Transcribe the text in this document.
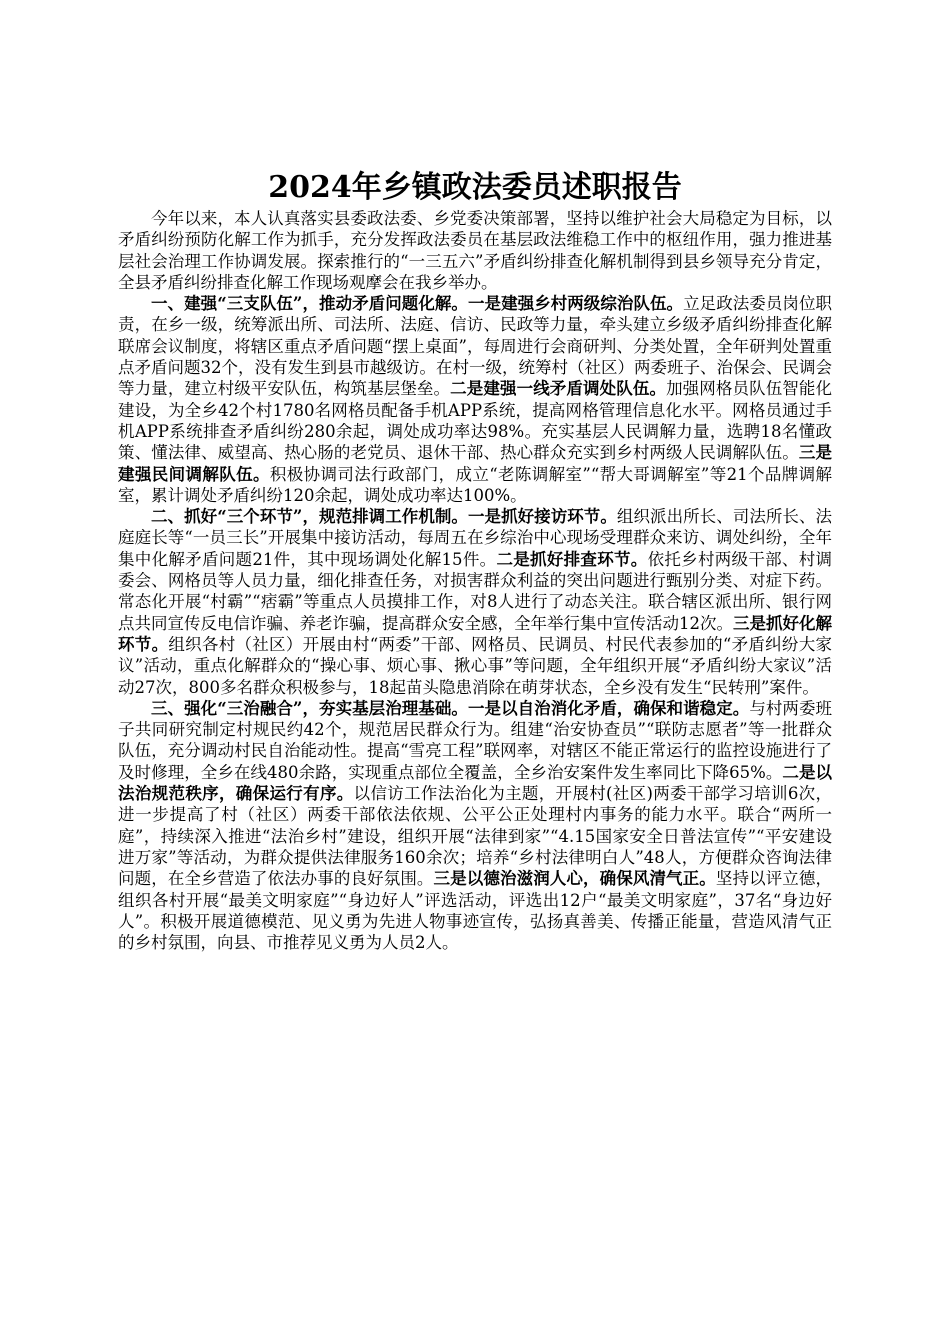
2024年乡镇政法委员述职报告

今年以来，本人认真落实县委政法委、乡党委决策部署，坚持以维护社会大局稳定为目标，以矛盾纠纷预防化解工作为抓手，充分发挥政法委员在基层政法维稳工作中的枢纽作用，强力推进基层社会治理工作协调发展。探索推行的“一三五六”矛盾纠纷排查化解机制得到县乡领导充分肯定，全县矛盾纠纷排查化解工作现场观摩会在我乡举办。

一、建强“三支队伍”，推动矛盾问题化解。一是建强乡村两级综治队伍。立足政法委员岗位职责，在乡一级，统筹派出所、司法所、法庭、信访、民政等力量，牵头建立乡级矛盾纠纷排查化解联席会议制度，将辖区重点矛盾问题“摆上桌面”，每周进行会商研判、分类处置，全年研判处置重点矛盾问题32个，没有发生到县市越级访。在村一级，统筹村（社区）两委班子、治保会、民调会等力量，建立村级平安队伍，构筑基层堡垒。二是建强一线矛盾调处队伍。加强网格员队伍智能化建设，为全乡42个村1780名网格员配备手机APP系统，提高网格管理信息化水平。网格员通过手机APP系统排查矛盾纠纷280余起，调处成功率达98%。充实基层人民调解力量，选聘18名懂政策、懂法律、威望高、热心肠的老党员、退休干部、热心群众充实到乡村两级人民调解队伍。三是建强民间调解队伍。积极协调司法行政部门，成立“老陈调解室”“帮大哥调解室”等21个品牌调解室，累计调处矛盾纠纷120余起，调处成功率达100%。

二、抓好“三个环节”，规范排调工作机制。一是抓好接访环节。组织派出所长、司法所长、法庭庭长等“一员三长”开展集中接访活动，每周五在乡综治中心现场受理群众来访、调处纠纷，全年集中化解矛盾问题21件，其中现场调处化解15件。二是抓好排查环节。依托乡村两级干部、村调委会、网格员等人员力量，细化排查任务，对损害群众利益的突出问题进行甄别分类、对症下药。常态化开展“村霸”“痞霸”等重点人员摸排工作，对8人进行了动态关注。联合辖区派出所、银行网点共同宣传反电信诈骗、养老诈骗，提高群众安全感，全年举行集中宣传活动12次。三是抓好化解环节。组织各村（社区）开展由村“两委”干部、网格员、民调员、村民代表参加的“矛盾纠纷大家议”活动，重点化解群众的“操心事、烦心事、揪心事”等问题，全年组织开展“矛盾纠纷大家议”活动27次，800多名群众积极参与，18起苗头隐患消除在萌芽状态，全乡没有发生“民转刑”案件。

三、强化“三治融合”，夯实基层治理基础。一是以自治消化矛盾，确保和谐稳定。与村两委班子共同研究制定村规民约42个，规范居民群众行为。组建“治安协查员”“联防志愿者”等一批群众队伍，充分调动村民自治能动性。提高“雪亮工程”联网率，对辖区不能正常运行的监控设施进行了及时修理，全乡在线480余路，实现重点部位全覆盖，全乡治安案件发生率同比下降65%。二是以法治规范秩序，确保运行有序。以信访工作法治化为主题，开展村(社区)两委干部学习培训6次，进一步提高了村（社区）两委干部依法依规、公平公正处理村内事务的能力水平。联合“两所一庭”，持续深入推进“法治乡村”建设，组织开展“法律到家”“4.15国家安全日普法宣传”“平安建设进万家”等活动，为群众提供法律服务160余次；培养“乡村法律明白人”48人，方便群众咨询法律问题，在全乡营造了依法办事的良好氛围。三是以德治滋润人心，确保风清气正。坚持以评立德，组织各村开展“最美文明家庭”“身边好人”评选活动，评选出12户“最美文明家庭”，37名“身边好人”。积极开展道德模范、见义勇为先进人物事迹宣传，弘扬真善美、传播正能量，营造风清气正的乡村氛围，向县、市推荐见义勇为人员2人。
